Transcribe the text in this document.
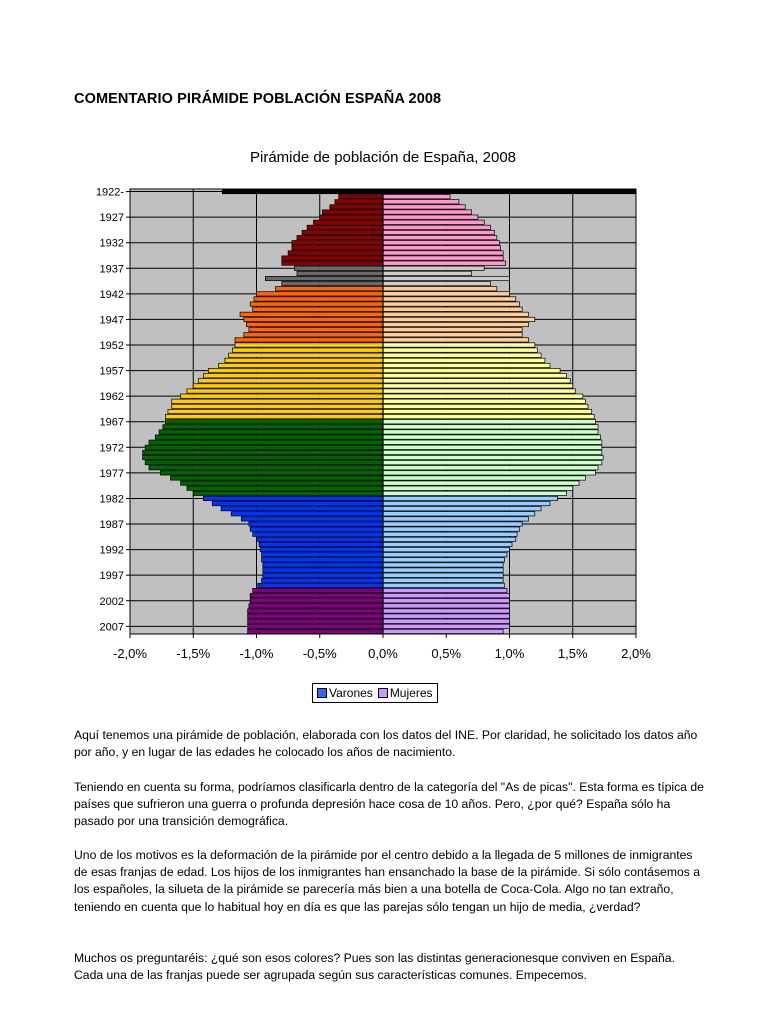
COMENTARIO PIRÁMIDE POBLACIÓN ESPAÑA 2008
Pirámide de población de España, 2008
1922-
1927
1932
1937
1942
1947
1952
1957
1962
1967
1972
1977
1982
1987
1992
1997
2002
2007
-2,0% -1,5% -1,0% -0,5% 0,0%	0,5%	1,0%	1,5%	2,0%
Varones Mujeres

Aquí tenemos una pirámide de población, elaborada con los datos del INE. Por claridad, he solicitado los datos año por año, y en lugar de las edades he colocado los años de nacimiento.

Teniendo en cuenta su forma, podríamos clasificarla dentro de la categoría del "As de picas". Esta forma es típica de países que sufrieron una guerra o profunda depresión hace cosa de 10 años. Pero, ¿por qué? España sólo ha pasado por una transición demográfica.

Uno de los motivos es la deformación de la pirámide por el centro debido a la llegada de 5 millones de inmigrantes de esas franjas de edad. Los hijos de los inmigrantes han ensanchado la base de la pirámide. Si sólo contásemos a los españoles, la silueta de la pirámide se parecería más bien a una botella de Coca-Cola. Algo no tan extraño, teniendo en cuenta que lo habitual hoy en día es que las parejas sólo tengan un hijo de media, ¿verdad?

Muchos os preguntaréis: ¿qué son esos colores? Pues son las distintas generacionesque conviven en España. Cada una de las franjas puede ser agrupada según sus características comunes. Empecemos.
